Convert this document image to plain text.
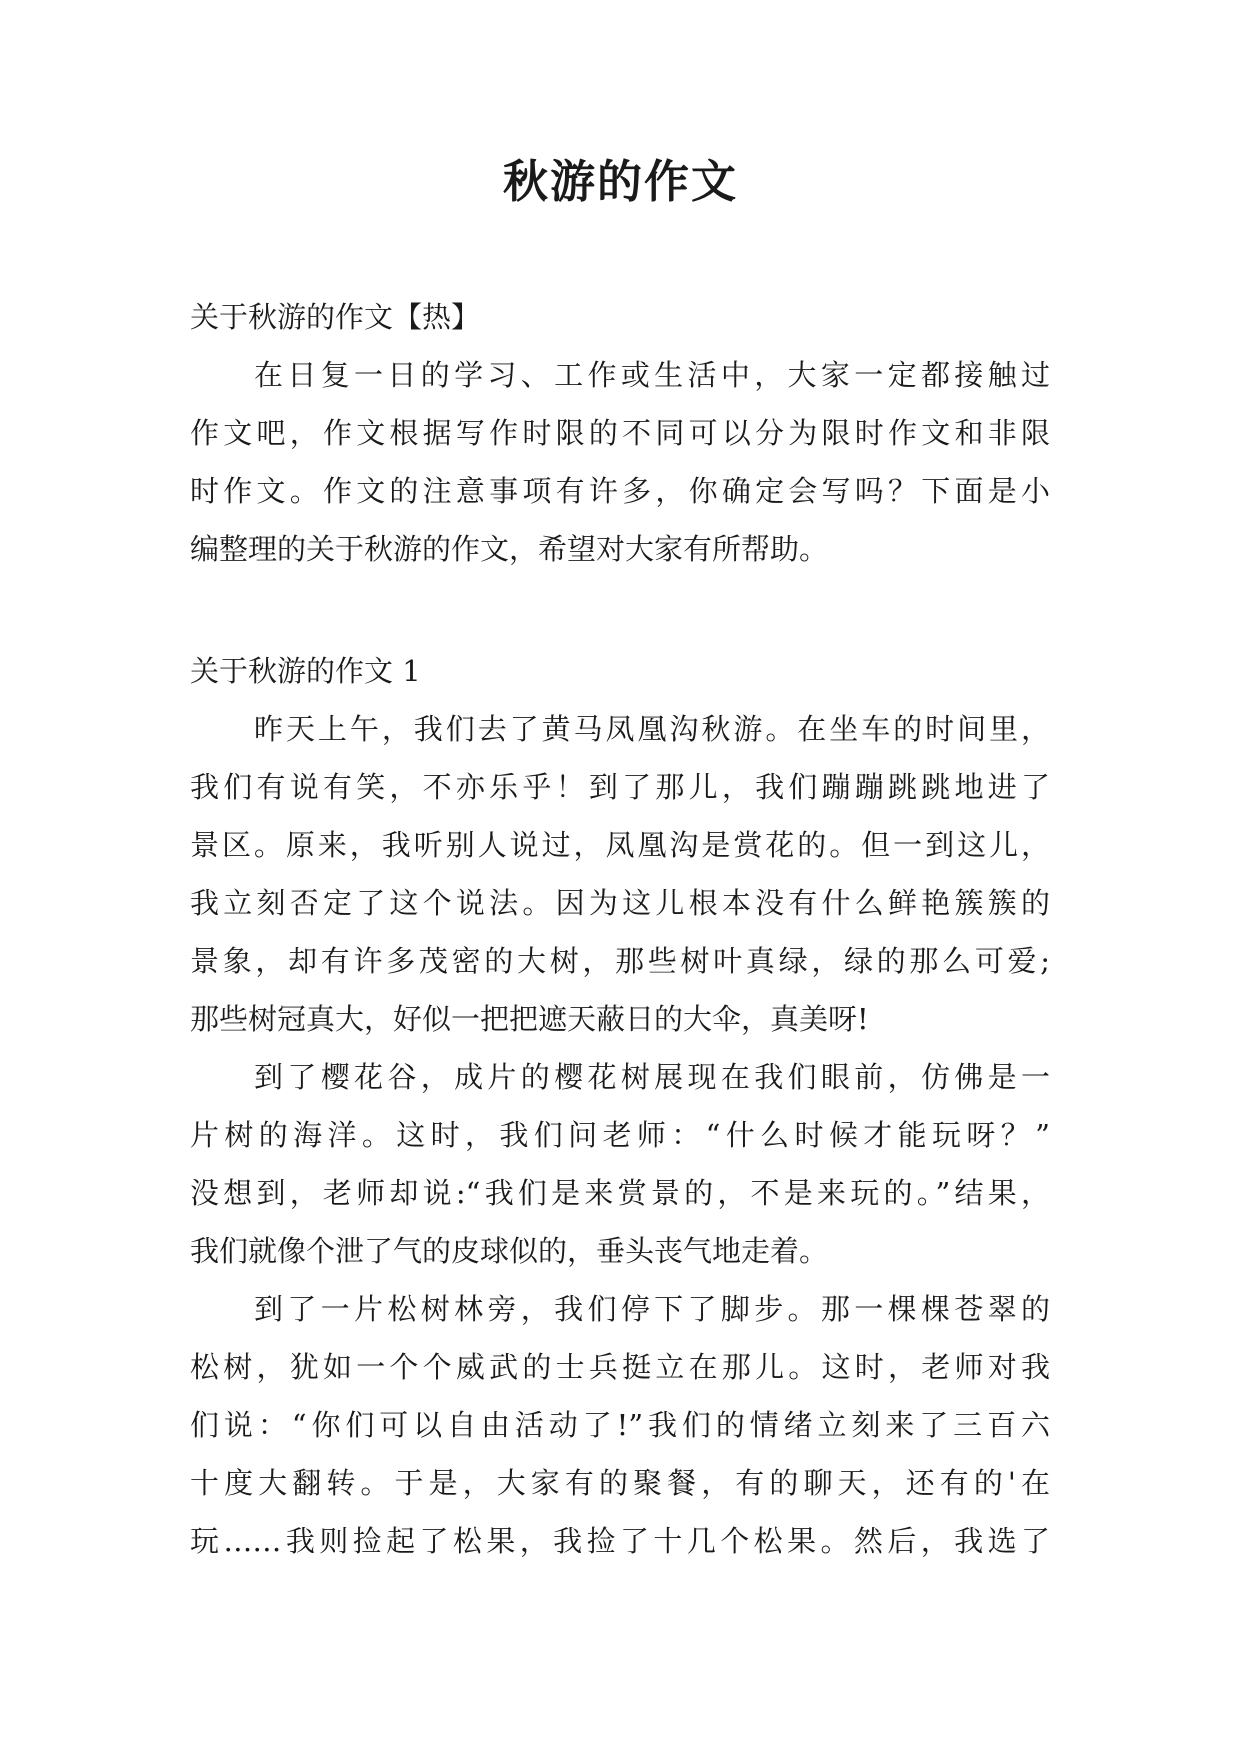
秋游的作文
关于秋游的作文【热】
在日复一日的学习、工作或生活中，大家一定都接触过
作文吧，作文根据写作时限的不同可以分为限时作文和非限
时作文。作文的注意事项有许多，你确定会写吗？下面是小
编整理的关于秋游的作文，希望对大家有所帮助。
关于秋游的作文 1
昨天上午，我们去了黄马凤凰沟秋游。在坐车的时间里，
我们有说有笑，不亦乐乎！到了那儿，我们蹦蹦跳跳地进了
景区。原来，我听别人说过，凤凰沟是赏花的。但一到这儿，
我立刻否定了这个说法。因为这儿根本没有什么鲜艳簇簇的
景象，却有许多茂密的大树，那些树叶真绿，绿的那么可爱;
那些树冠真大，好似一把把遮天蔽日的大伞，真美呀!
到了樱花谷，成片的樱花树展现在我们眼前，仿佛是一
片树的海洋。这时，我们问老师：“什么时候才能玩呀？”
没想到，老师却说:“我们是来赏景的，不是来玩的。”结果，
我们就像个泄了气的皮球似的，垂头丧气地走着。
到了一片松树林旁，我们停下了脚步。那一棵棵苍翠的
松树，犹如一个个威武的士兵挺立在那儿。这时，老师对我
们说：“你们可以自由活动了!”我们的情绪立刻来了三百六
十度大翻转。于是，大家有的聚餐，有的聊天，还有的'在
玩……我则捡起了松果，我捡了十几个松果。然后，我选了
